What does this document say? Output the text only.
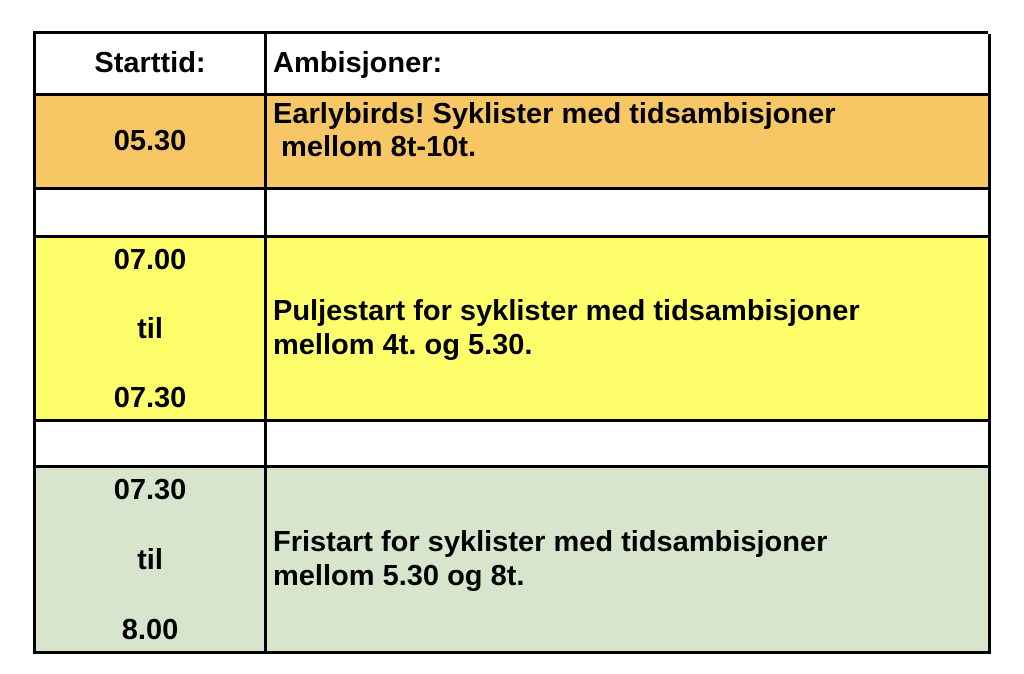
Starttid: Ambisjoner:
05.30
Earlybirds! Syklister med tidsambisjoner
mellom 8t-10t.
07.00
til
07.30
Puljestart for syklister med tidsambisjoner
mellom 4t. og 5.30.
07.30
til
8.00
Fristart for syklister med tidsambisjoner
mellom 5.30 og 8t.
